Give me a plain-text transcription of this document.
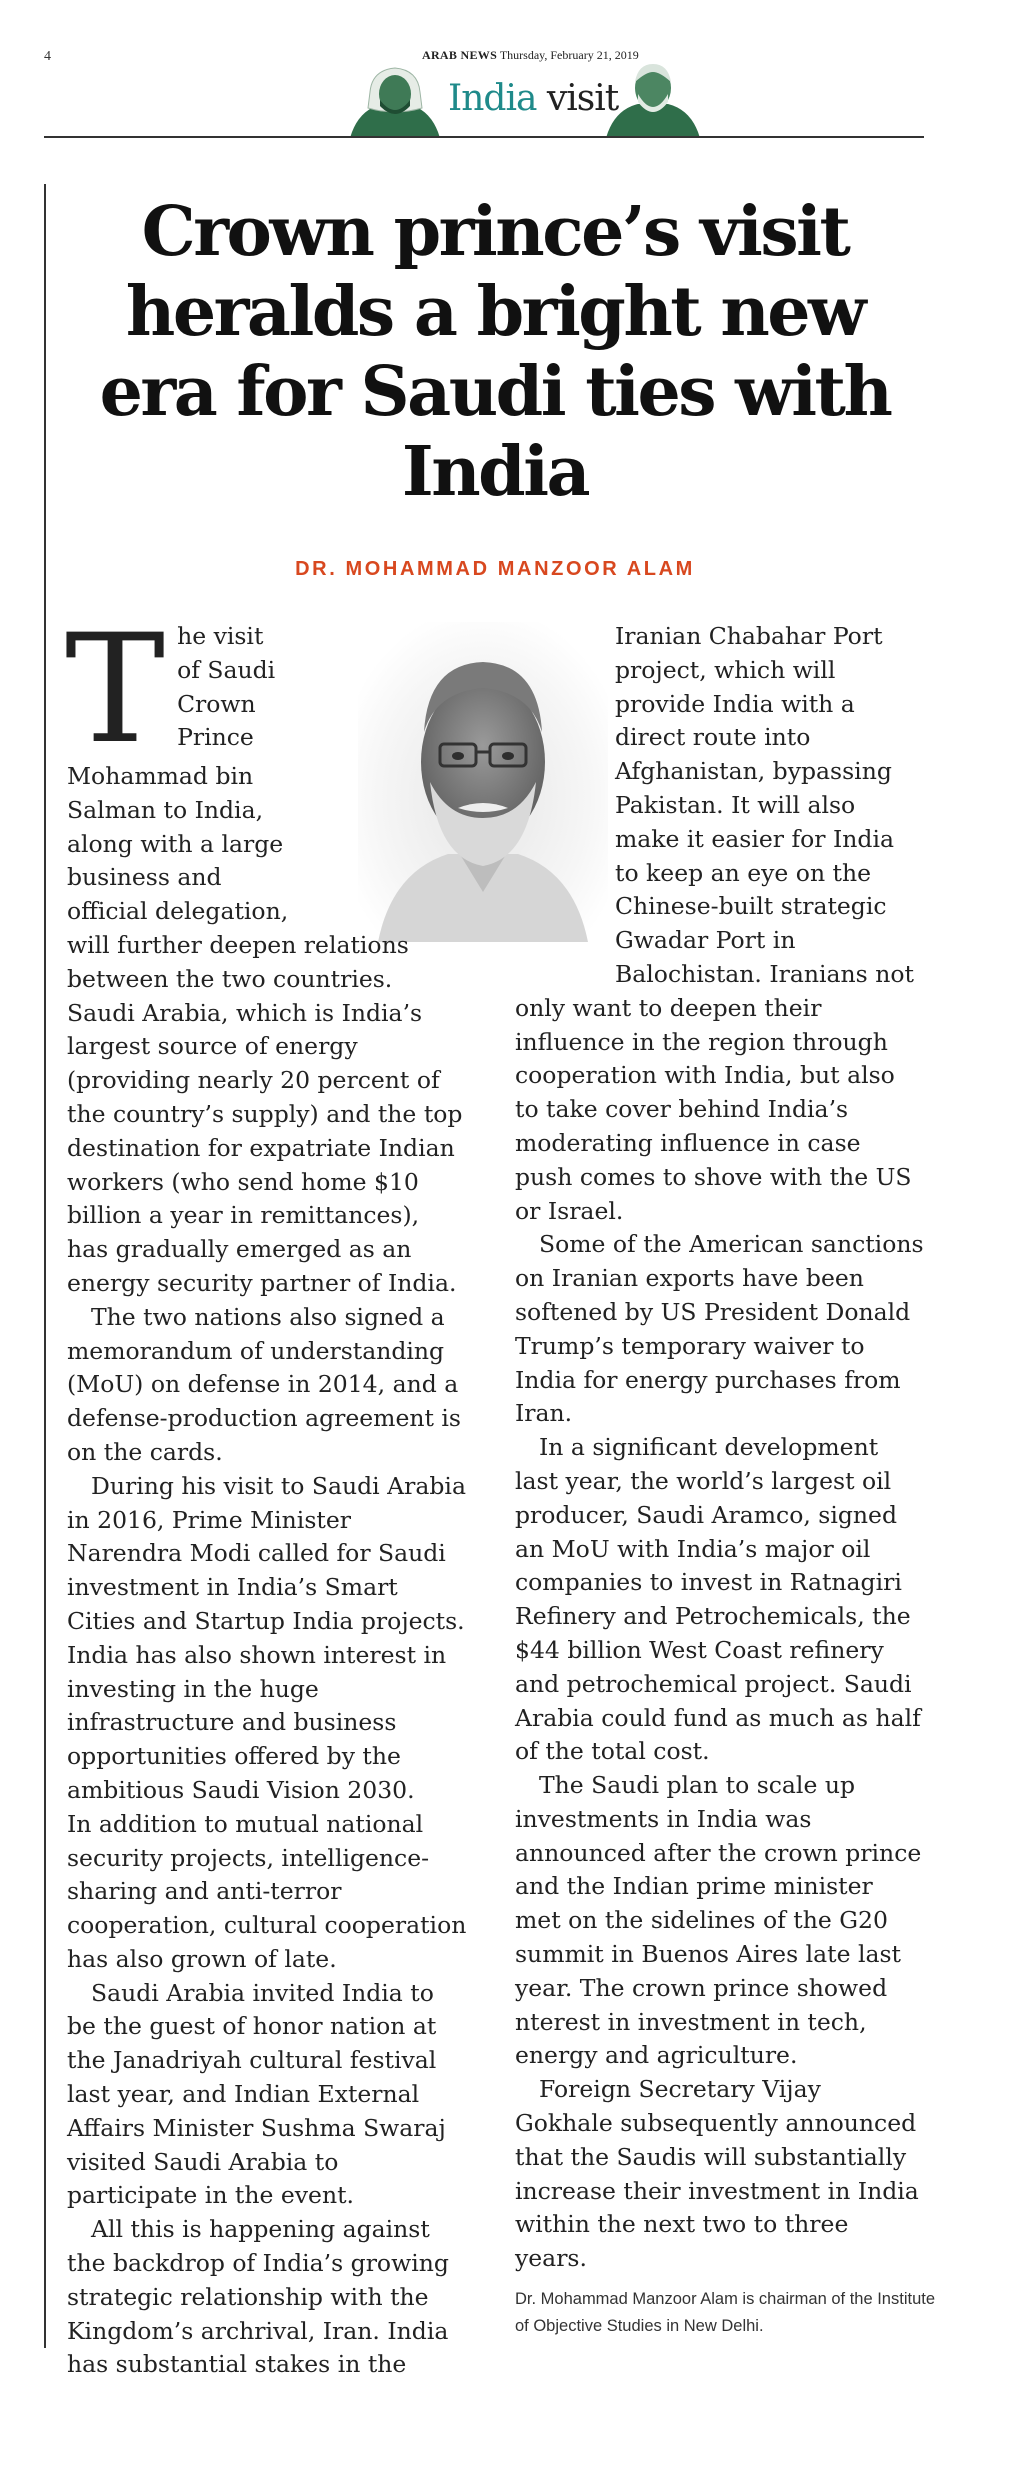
4	ARAB NEWS Thursday, February 21, 2019
India visit
Crown prince’s visit heralds a bright new era for Saudi ties with India
DR. MOHAMMAD MANZOOR ALAM
T he visit of Saudi Crown Prince Mohammad bin Salman to India, along with a large business and official delegation, will further deepen relations between the two countries. Saudi Arabia, which is India’s largest source of energy (providing nearly 20 percent of the country’s supply) and the top destination for expatriate Indian workers (who send home $10 billion a year in remittances), has gradually emerged as an energy security partner of India.

The two nations also signed a memorandum of understanding (MoU) on defense in 2014, and a defense-production agreement is on the cards.

During his visit to Saudi Arabia in 2016, Prime Minister Narendra Modi called for Saudi investment in India’s Smart Cities and Startup India projects. India has also shown interest in investing in the huge infrastructure and business opportunities offered by the ambitious Saudi Vision 2030.

In addition to mutual national security projects, intelligence-sharing and anti-terror cooperation, cultural cooperation has also grown of late.

Saudi Arabia invited India to be the guest of honor nation at the Janadriyah cultural festival last year, and Indian External Affairs Minister Sushma Swaraj visited Saudi Arabia to participate in the event.

All this is happening against the backdrop of India’s growing strategic relationship with the Kingdom’s archrival, Iran. India has substantial stakes in the

Iranian Chabahar Port project, which will provide India with a direct route into Afghanistan, bypassing Pakistan. It will also make it easier for India to keep an eye on the Chinese-built strategic Gwadar Port in Balochistan. Iranians not only want to deepen their influence in the region through cooperation with India, but also to take cover behind India’s moderating influence in case push comes to shove with the US or Israel.

Some of the American sanctions on Iranian exports have been softened by US President Donald Trump’s temporary waiver to India for energy purchases from Iran.

In a significant development last year, the world’s largest oil producer, Saudi Aramco, signed an MoU with India’s major oil companies to invest in Ratnagiri Refinery and Petrochemicals, the $44 billion West Coast refinery and petrochemical project. Saudi Arabia could fund as much as half of the total cost.

The Saudi plan to scale up investments in India was announced after the crown prince and the Indian prime minister met on the sidelines of the G20 summit in Buenos Aires late last year. The crown prince showed nterest in investment in tech, energy and agriculture.

Foreign Secretary Vijay Gokhale subsequently announced that the Saudis will substantially increase their investment in India within the next two to three years.

Dr. Mohammad Manzoor Alam is chairman of the Institute of Objective Studies in New Delhi.
